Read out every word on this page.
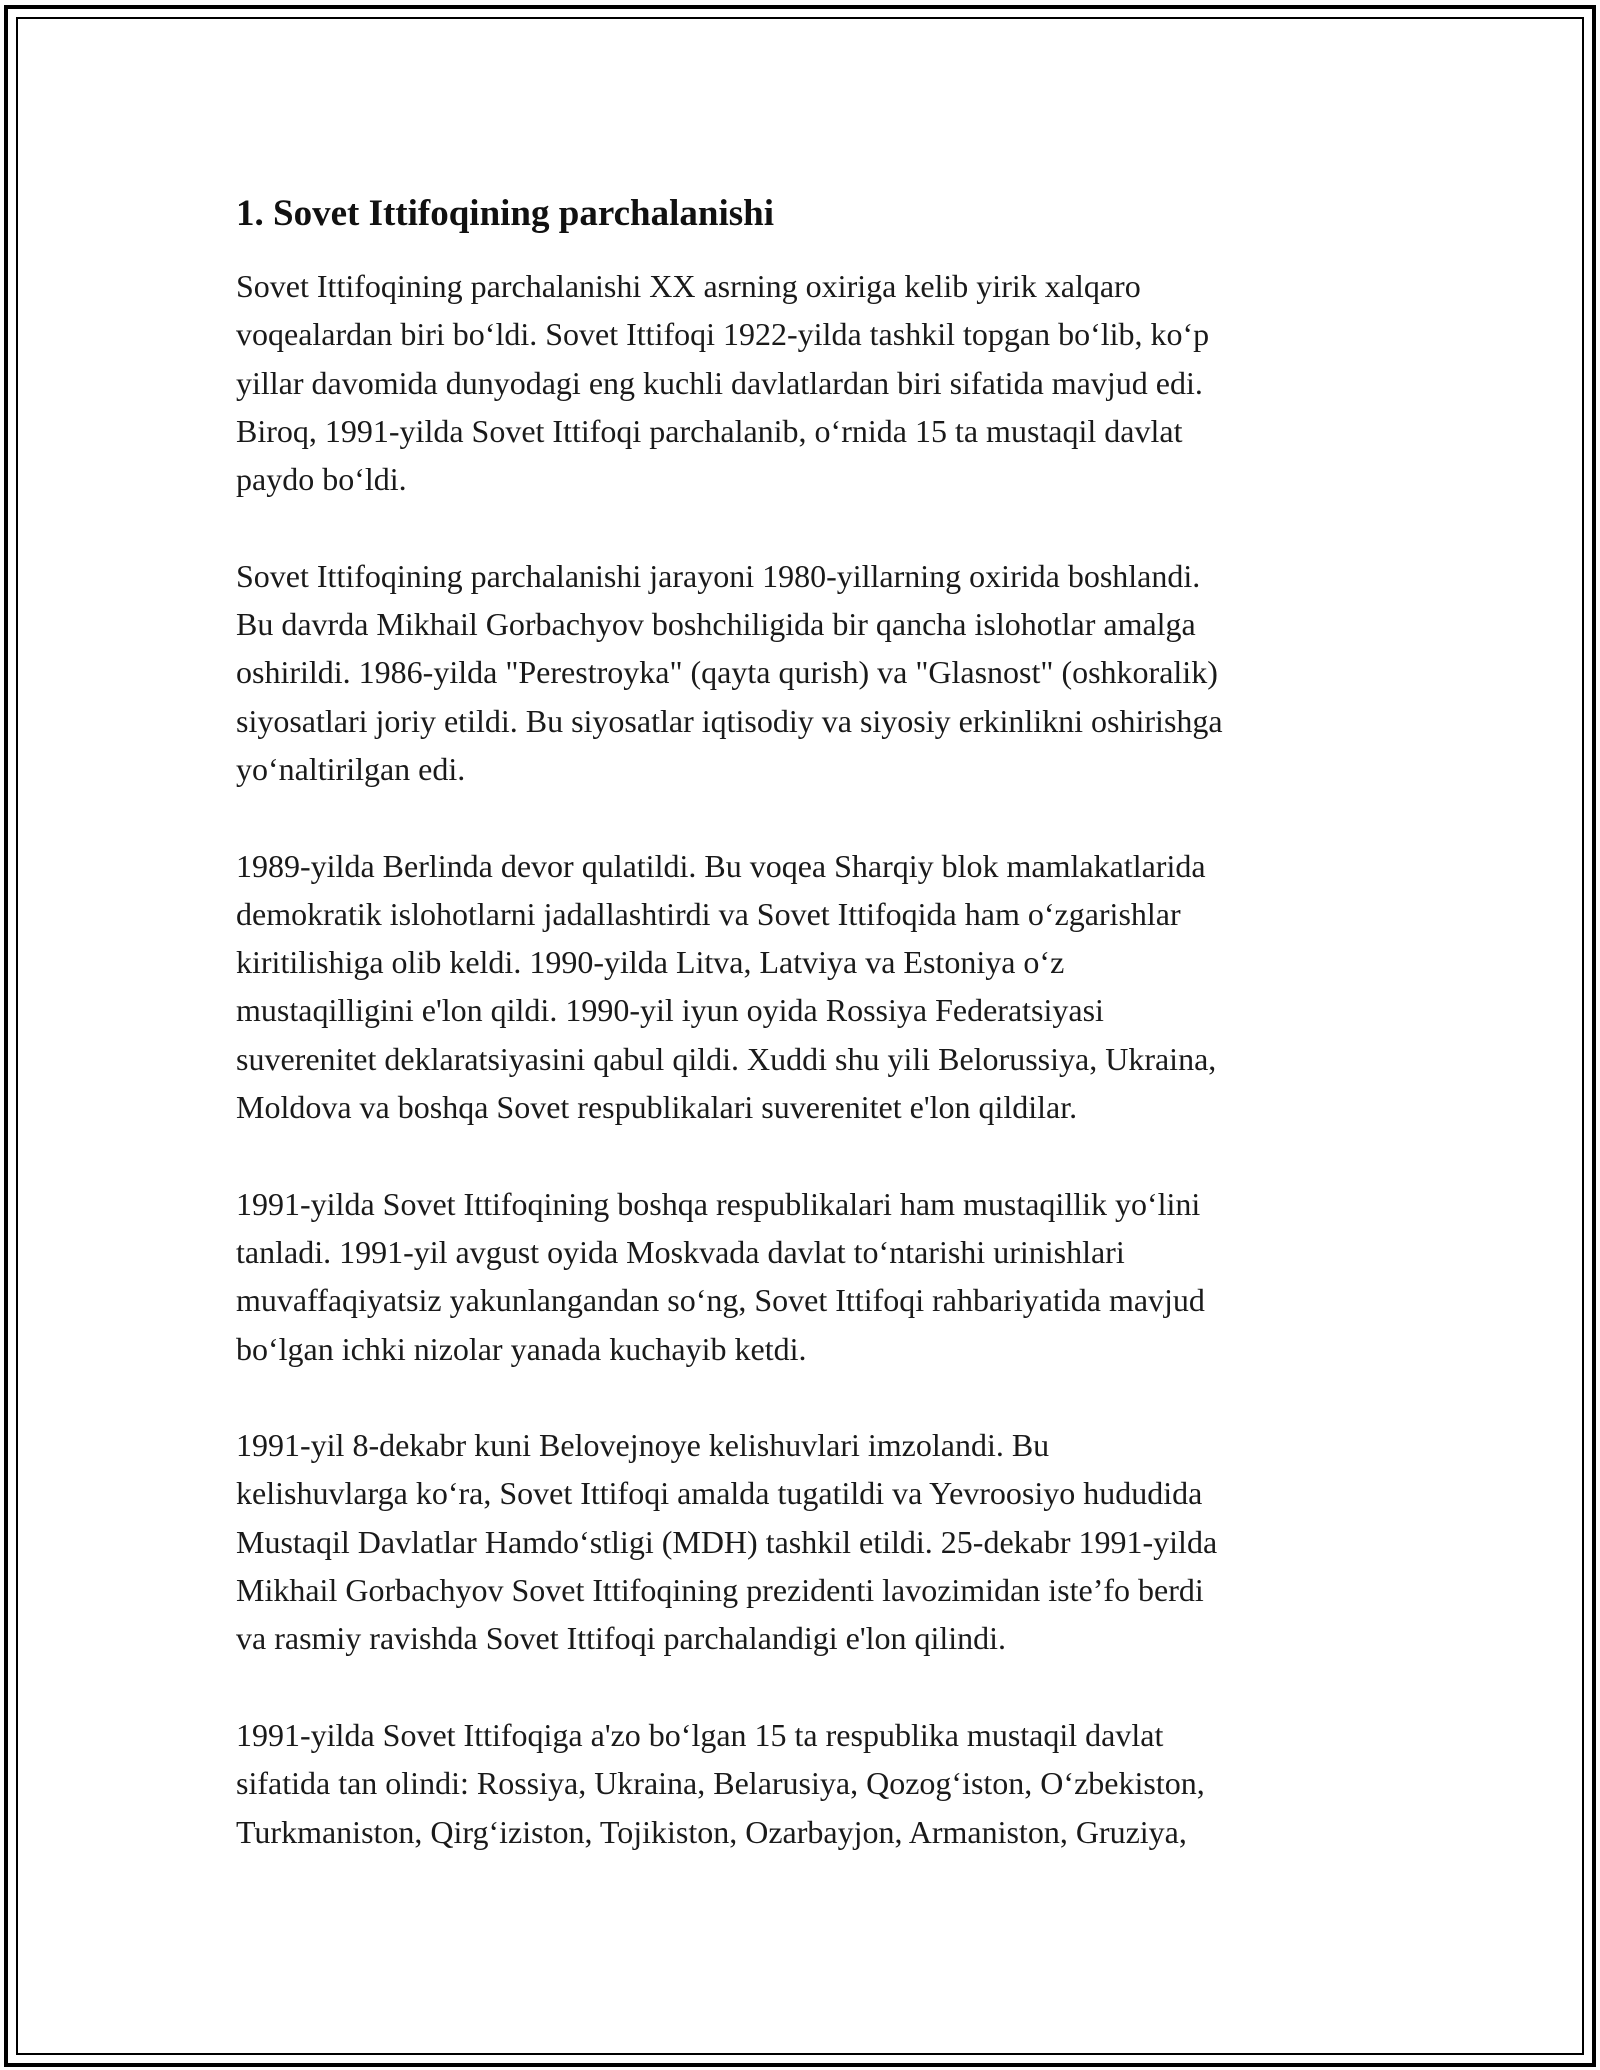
1. Sovet Ittifoqining parchalanishi

Sovet Ittifoqining parchalanishi XX asrning oxiriga kelib yirik xalqaro
voqealardan biri bo‘ldi. Sovet Ittifoqi 1922-yilda tashkil topgan bo‘lib, ko‘p
yillar davomida dunyodagi eng kuchli davlatlardan biri sifatida mavjud edi.
Biroq, 1991-yilda Sovet Ittifoqi parchalanib, o‘rnida 15 ta mustaqil davlat
paydo bo‘ldi.

Sovet Ittifoqining parchalanishi jarayoni 1980-yillarning oxirida boshlandi.
Bu davrda Mikhail Gorbachyov boshchiligida bir qancha islohotlar amalga
oshirildi. 1986-yilda "Perestroyka" (qayta qurish) va "Glasnost" (oshkoralik)
siyosatlari joriy etildi. Bu siyosatlar iqtisodiy va siyosiy erkinlikni oshirishga
yo‘naltirilgan edi.

1989-yilda Berlinda devor qulatildi. Bu voqea Sharqiy blok mamlakatlarida
demokratik islohotlarni jadallashtirdi va Sovet Ittifoqida ham o‘zgarishlar
kiritilishiga olib keldi. 1990-yilda Litva, Latviya va Estoniya o‘z
mustaqilligini e'lon qildi. 1990-yil iyun oyida Rossiya Federatsiyasi
suverenitet deklaratsiyasini qabul qildi. Xuddi shu yili Belorussiya, Ukraina,
Moldova va boshqa Sovet respublikalari suverenitet e'lon qildilar.

1991-yilda Sovet Ittifoqining boshqa respublikalari ham mustaqillik yo‘lini
tanladi. 1991-yil avgust oyida Moskvada davlat to‘ntarishi urinishlari
muvaffaqiyatsiz yakunlangandan so‘ng, Sovet Ittifoqi rahbariyatida mavjud
bo‘lgan ichki nizolar yanada kuchayib ketdi.

1991-yil 8-dekabr kuni Belovejnoye kelishuvlari imzolandi. Bu
kelishuvlarga ko‘ra, Sovet Ittifoqi amalda tugatildi va Yevroosiyo hududida
Mustaqil Davlatlar Hamdo‘stligi (MDH) tashkil etildi. 25-dekabr 1991-yilda
Mikhail Gorbachyov Sovet Ittifoqining prezidenti lavozimidan iste’fo berdi
va rasmiy ravishda Sovet Ittifoqi parchalandigi e'lon qilindi.

1991-yilda Sovet Ittifoqiga a'zo bo‘lgan 15 ta respublika mustaqil davlat
sifatida tan olindi: Rossiya, Ukraina, Belarusiya, Qozog‘iston, O‘zbekiston,
Turkmaniston, Qirg‘iziston, Tojikiston, Ozarbayjon, Armaniston, Gruziya,
